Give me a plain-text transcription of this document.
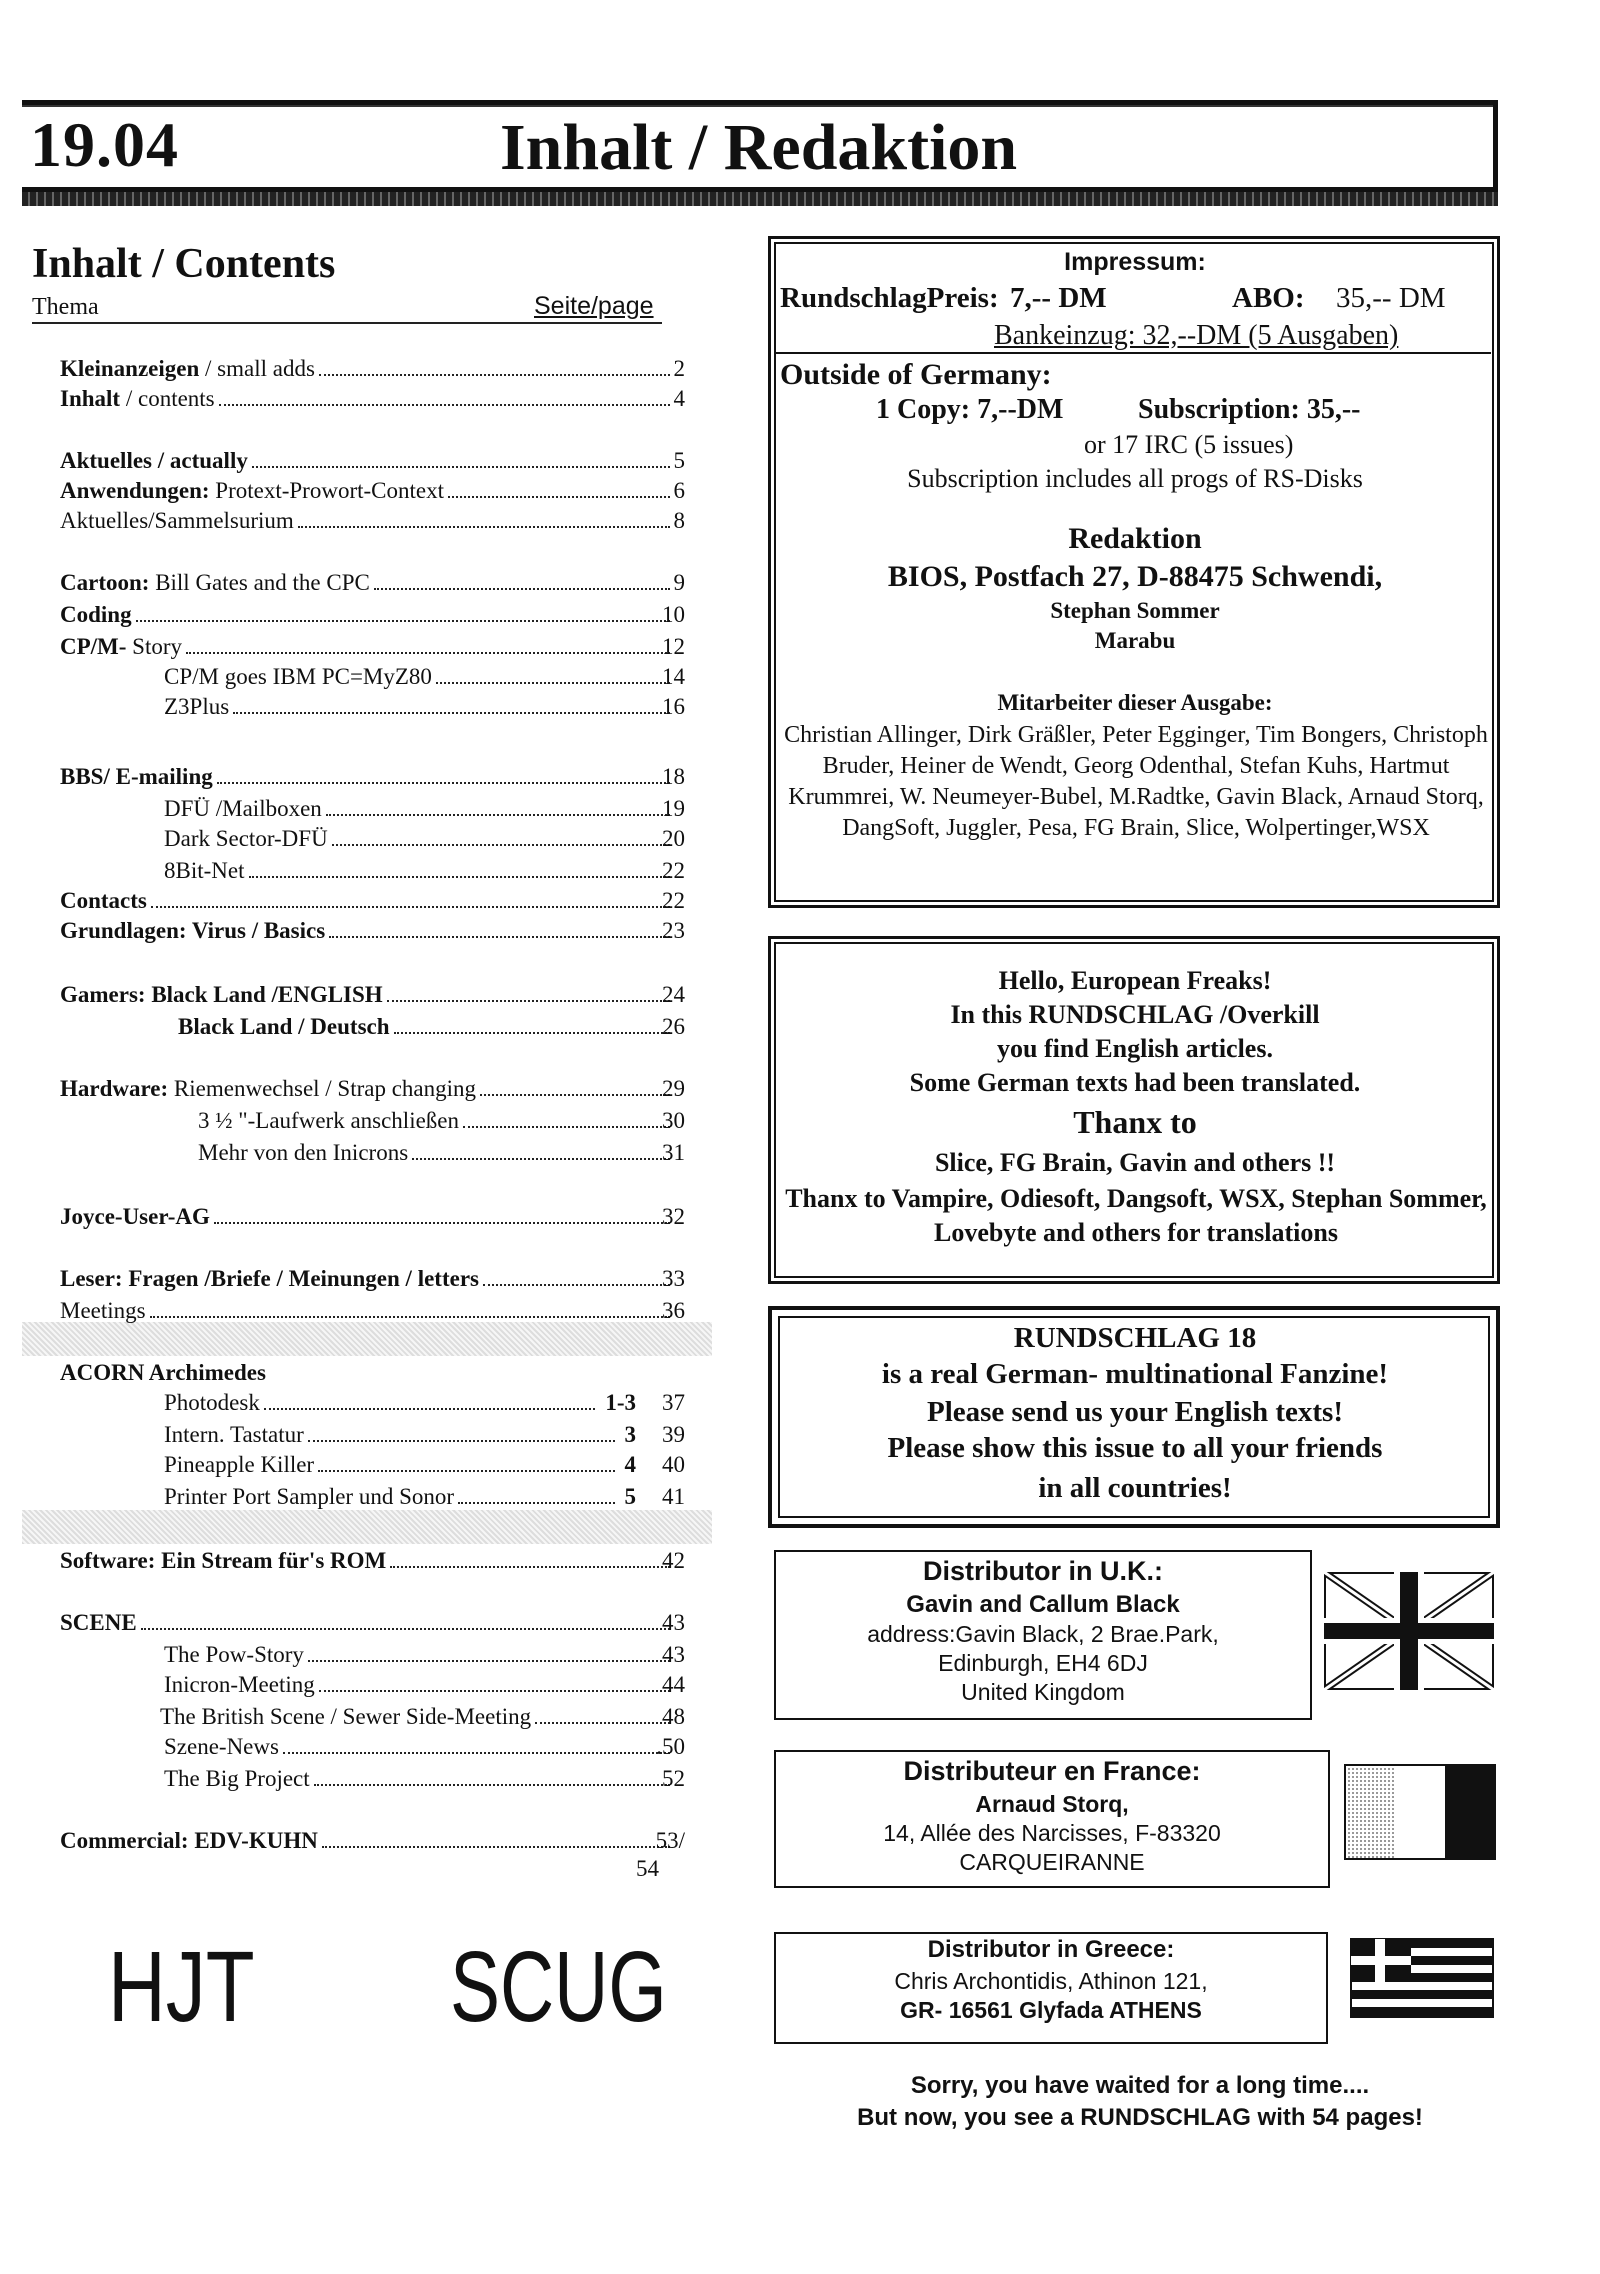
19.04	Inhalt / Redaktion
Inhalt / Contents
Thema	Seite/page
Kleinanzeigen / small adds	2
Inhalt / contents	4
Aktuelles / actually	5
Anwendungen: Protext-Prowort-Context	6
Aktuelles/Sammelsurium	8
Cartoon: Bill Gates and the CPC	9
Coding	10
CP/M- Story	12
CP/M goes IBM PC=MyZ80	14
Z3Plus	16
BBS/ E-mailing	18
DFÜ /Mailboxen	19
Dark Sector-DFÜ	20
8Bit-Net	22
Contacts	22
Grundlagen: Virus / Basics	23
Gamers: Black Land /ENGLISH	24
Black Land / Deutsch	26
Hardware: Riemenwechsel / Strap changing	29
3 ½ "-Laufwerk anschließen	30
Mehr von den Inicrons	31
Joyce-User-AG	32
Leser: Fragen /Briefe / Meinungen / letters	33
Meetings	36
ACORN Archimedes
Photodesk	1-3	37
Intern. Tastatur	3	39
Pineapple Killer	4	40
Printer Port Sampler und Sonor	5	41
Software: Ein Stream für's ROM	42
SCENE	43
The Pow-Story	43
Inicron-Meeting	44
The British Scene / Sewer Side-Meeting	48
Szene-News	.50
The Big Project	52
Commercial: EDV-KUHN	53/
54
HJT SCUG
Impressum:
RundschlagPreis: 7,-- DM	ABO: 35,-- DM
Bankeinzug: 32,--DM (5 Ausgaben)
Outside of Germany:
1 Copy: 7,--DM	Subscription: 35,--
or 17 IRC (5 issues)
Subscription includes all progs of RS-Disks
Redaktion
BIOS, Postfach 27, D-88475 Schwendi,
Stephan Sommer
Marabu
Mitarbeiter dieser Ausgabe:
Christian Allinger, Dirk Gräßler, Peter Egginger, Tim Bongers, Christoph Bruder, Heiner de Wendt, Georg Odenthal, Stefan Kuhs, Hartmut Krummrei, W. Neumeyer-Bubel, M.Radtke, Gavin Black, Arnaud Storq, DangSoft, Juggler, Pesa, FG Brain, Slice, Wolpertinger,WSX
Hello, European Freaks!
In this RUNDSCHLAG /Overkill
you find English articles.
Some German texts had been translated.
Thanx to
Slice, FG Brain, Gavin and others !!
Thanx to Vampire, Odiesoft, Dangsoft, WSX, Stephan Sommer, Lovebyte and others for translations
RUNDSCHLAG 18
is a real German- multinational Fanzine!
Please send us your English texts!
Please show this issue to all your friends
in all countries!
Distributor in U.K.:
Gavin and Callum Black
address:Gavin Black, 2 Brae.Park,
Edinburgh, EH4 6DJ
United Kingdom
Distributeur en France:
Arnaud Storq,
14, Allée des Narcisses, F-83320
CARQUEIRANNE
Distributor in Greece:
Chris Archontidis, Athinon 121,
GR- 16561 Glyfada ATHENS
Sorry, you have waited for a long time....
But now, you see a RUNDSCHLAG with 54 pages!
